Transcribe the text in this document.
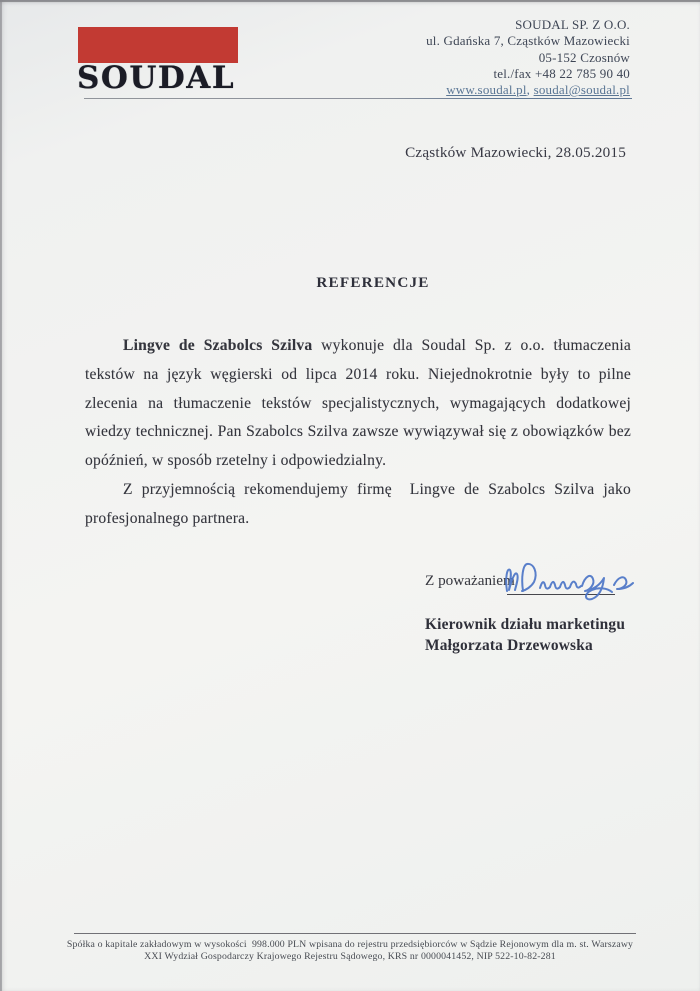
SOUDAL
SOUDAL SP. Z O.O.
ul. Gdańska 7, Cząstków Mazowiecki
05-152 Czosnów
tel./fax +48 22 785 90 40
www.soudal.pl, soudal@soudal.pl
Cząstków Mazowiecki, 28.05.2015
REFERENCJE

Lingve de Szabolcs Szilva wykonuje dla Soudal Sp. z o.o. tłumaczenia tekstów na język węgierski od lipca 2014 roku. Niejednokrotnie były to pilne zlecenia na tłumaczenie tekstów specjalistycznych, wymagających dodatkowej wiedzy technicznej. Pan Szabolcs Szilva zawsze wywiązywał się z obowiązków bez opóźnień, w sposób rzetelny i odpowiedzialny.

Z przyjemnością rekomendujemy firmę  Lingve de Szabolcs Szilva jako profesjonalnego partnera.

Z poważaniem
Kierownik działu marketingu
Małgorzata Drzewowska
Spółka o kapitale zakładowym w wysokości  998.000 PLN wpisana do rejestru przedsiębiorców w Sądzie Rejonowym dla m. st. Warszawy
XXI Wydział Gospodarczy Krajowego Rejestru Sądowego, KRS nr 0000041452, NIP 522-10-82-281
